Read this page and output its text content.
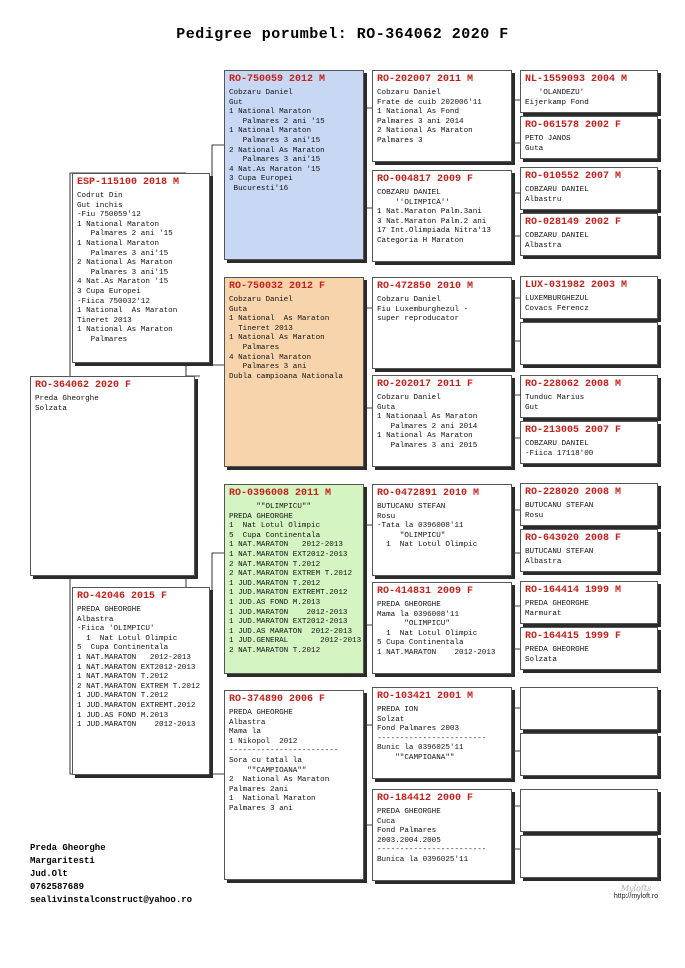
Pedigree porumbel: RO-364062 2020 F
RO-364062 2020 F
Preda Gheorghe
Solzata
ESP-115100 2018 M
Codrut Din
Gut inchis
-Fiu 750059'12
1 National Maraton
Palmares 2 ani '15
1 National Maraton
Palmares 3 ani'15
2 National As Maraton
Palmares 3 ani'15
4 Nat.As Maraton '15
3 Cupa Europei
-Fiica 750032'12
1 National  As Maraton
Tineret 2013
1 National As Maraton
Palmares
RO-42046 2015 F
PREDA GHEORGHE
Albastra
-Fiica 'OLIMPICU'
1  Nat Lotul Olimpic
5  Cupa Continentala
1 NAT.MARATON   2012-2013
1 NAT.MARATON EXT2012-2013
1 NAT.MARATON T.2012
2 NAT.MARATON EXTREM T.2012
1 JUD.MARATON T.2012
1 JUD.MARATON EXTREMT.2012
1 JUD.AS FOND M.2013
1 JUD.MARATON    2012-2013
RO-750059 2012 M
Cobzaru Daniel
Gut
1 National Maraton
Palmares 2 ani '15
1 National Maraton
Palmares 3 ani'15
2 National As Maraton
Palmares 3 ani'15
4 Nat.As Maraton '15
3 Cupa Europei
Bucuresti'16
RO-750032 2012 F
Cobzaru Daniel
Guta
1 National  As Maraton
Tineret 2013
1 National As Maraton
Palmares
4 National Maraton
Palmares 3 ani
Dubla campioana Nationala
RO-0396008 2011 M
""OLIMPICU""
PREDA GHEORGHE
1  Nat Lotul Olimpic
5  Cupa Continentala
1 NAT.MARATON   2012-2013
1 NAT.MARATON EXT2012-2013
2 NAT.MARATON T.2012
2 NAT.MARATON EXTREM T.2012
1 JUD.MARATON T.2012
1 JUD.MARATON EXTREMT.2012
1 JUD.AS FOND M.2013
1 JUD.MARATON    2012-2013
1 JUD.MARATON EXT2012-2013
1 JUD.AS MARATON  2012-2013
1 JUD.GENERAL       2012-2013
2 NAT.MARATON T.2012
RO-374890 2006 F
PREDA GHEORGHE
Albastra
Mama la
1 Nikopol  2012
------------------------
Sora cu tatal la
""CAMPIOANA""
2  National As Maraton
Palmares 2ani
1  National Maraton
Palmares 3 ani
RO-202007 2011 M
Cobzaru Daniel
Frate de cuib 202006'11
1 National As Fond
Palmares 3 ani 2014
2 National As Maraton
Palmares 3
RO-004817 2009 F
COBZARU DANIEL
''OLIMPICA''
1 Nat.Maraton Palm.3ani
3 Nat.Maraton Palm.2 ani
17 Int.Olimpiada Nitra'13
Categoria H Maraton
RO-472850 2010 M
Cobzaru Daniel
Fiu Luxemburghezul -
super reproducator
RO-202017 2011 F
Cobzaru Daniel
Guta
1 Nationaal As Maraton
Palmares 2 ani 2014
1 National As Maraton
Palmares 3 ani 2015
RO-0472891 2010 M
BUTUCANU STEFAN
Rosu
-Tata la 0396008'11
"OLIMPICU"
1  Nat Lotul Olimpic
RO-414831 2009 F
PREDA GHEORGHE
Mama la 0396008'11
"OLIMPICU"
1  Nat Lotul Olimpic
5 Cupa Continentala
1 NAT.MARATON    2012-2013
RO-103421 2001 M
PREDA ION
Solzat
Fond Palmares 2003
------------------------
Bunic la 0396025'11
""CAMPIOANA""
RO-184412 2000 F
PREDA GHEORGHE
Cuca
Fond Palmares
2003.2004.2005
------------------------
Bunica la 0396025'11
NL-1559093 2004 M
'OLANDEZU'
Eijerkamp Fond
RO-061578 2002 F
PETO JANOS
Guta
RO-010552 2007 M
COBZARU DANIEL
Albastru
RO-028149 2002 F
COBZARU DANIEL
Albastra
LUX-031982 2003 M
LUXEMBURGHEZUL
Covacs Ferencz
RO-228062 2008 M
Tunduc Marius
Gut
RO-213005 2007 F
COBZARU DANIEL
-Fiica 17118'00
RO-228020 2008 M
BUTUCANU STEFAN
Rosu
RO-643020 2008 F
BUTUCANU STEFAN
Albastra
RO-164414 1999 M
PREDA GHEORGHE
Marmurat
RO-164415 1999 F
PREDA GHEORGHE
Solzata
Preda Gheorghe
Margaritesti
Jud.Olt
0762587689
sealivinstalconstruct@yahoo.ro
Mylofts
http://myloft.ro
